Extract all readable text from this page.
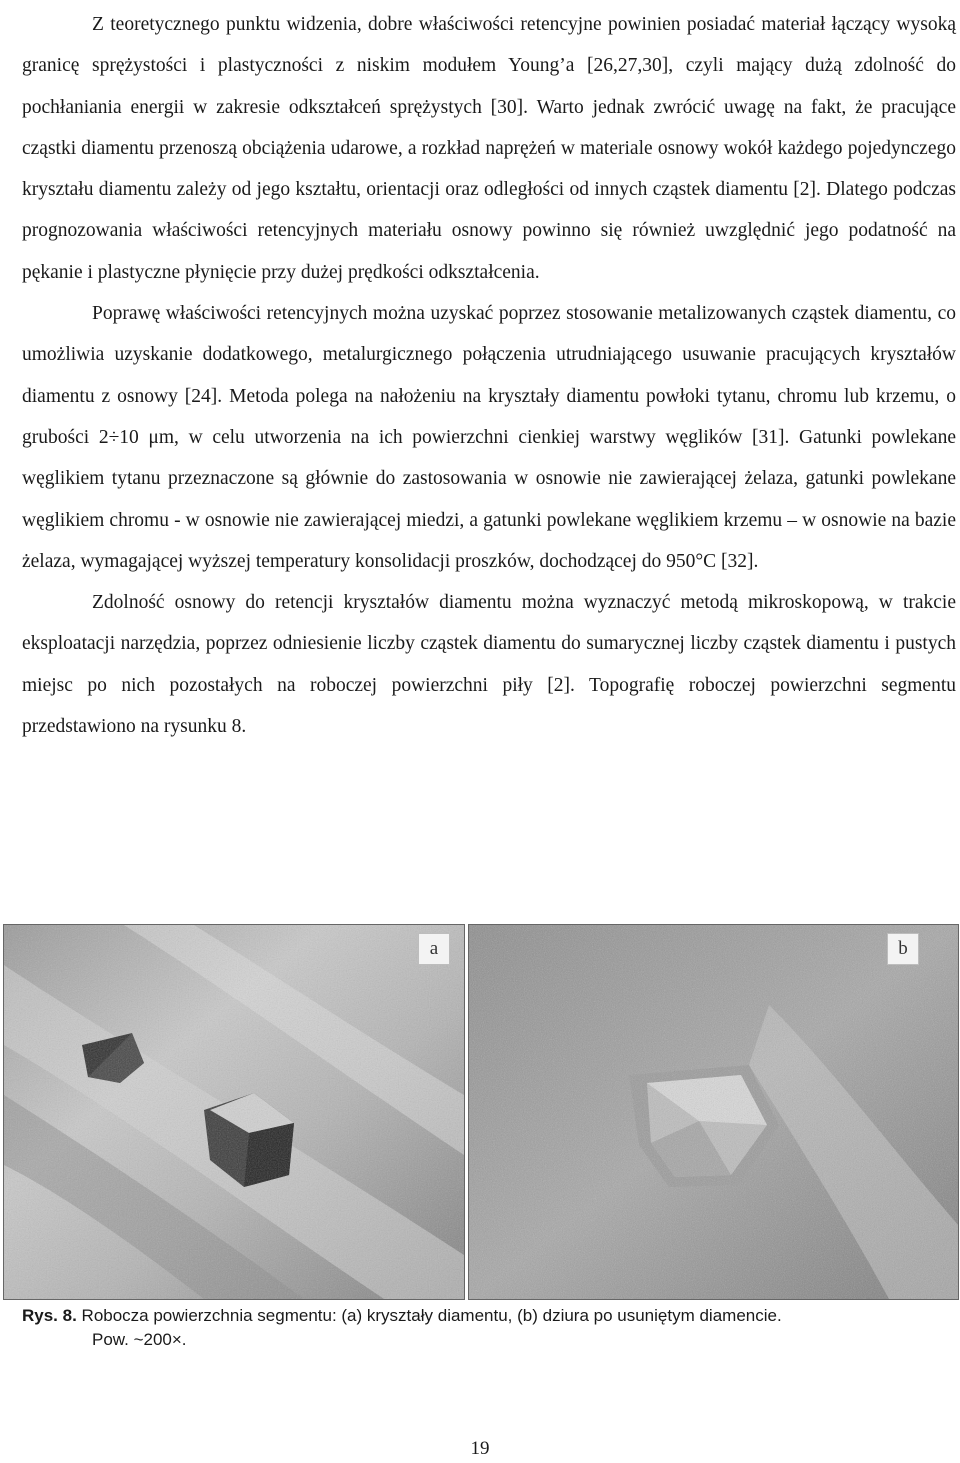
Z teoretycznego punktu widzenia, dobre właściwości retencyjne powinien posiadać materiał łączący wysoką granicę sprężystości i plastyczności z niskim modułem Young’a [26,27,30], czyli mający dużą zdolność do pochłaniania energii w zakresie odkształceń sprężystych [30]. Warto jednak zwrócić uwagę na fakt, że pracujące cząstki diamentu przenoszą obciążenia udarowe, a rozkład naprężeń w materiale osnowy wokół każdego pojedynczego kryształu diamentu zależy od jego kształtu, orientacji oraz odległości od innych cząstek diamentu [2]. Dlatego podczas prognozowania właściwości retencyjnych materiału osnowy powinno się również uwzględnić jego podatność na pękanie i plastyczne płynięcie przy dużej prędkości odkształcenia.

Poprawę właściwości retencyjnych można uzyskać poprzez stosowanie metalizowanych cząstek diamentu, co umożliwia uzyskanie dodatkowego, metalurgicznego połączenia utrudniającego usuwanie pracujących kryształów diamentu z osnowy [24]. Metoda polega na nałożeniu na kryształy diamentu powłoki tytanu, chromu lub krzemu, o grubości 2÷10 μm, w celu utworzenia na ich powierzchni cienkiej warstwy węglików [31]. Gatunki powlekane węglikiem tytanu przeznaczone są głównie do zastosowania w osnowie nie zawierającej żelaza, gatunki powlekane węglikiem chromu - w osnowie nie zawierającej miedzi, a gatunki powlekane węglikiem krzemu – w osnowie na bazie żelaza, wymagającej wyższej temperatury konsolidacji proszków, dochodzącej do 950°C [32].

Zdolność osnowy do retencji kryształów diamentu można wyznaczyć metodą mikroskopową, w trakcie eksploatacji narzędzia, poprzez odniesienie liczby cząstek diamentu do sumarycznej liczby cząstek diamentu i pustych miejsc po nich pozostałych na roboczej powierzchni piły [2]. Topografię roboczej powierzchni segmentu przedstawiono na rysunku 8.

a	b
Rys. 8. Robocza powierzchnia segmentu: (a) kryształy diamentu, (b) dziura po usuniętym diamencie.
Pow. ~200×.
19
